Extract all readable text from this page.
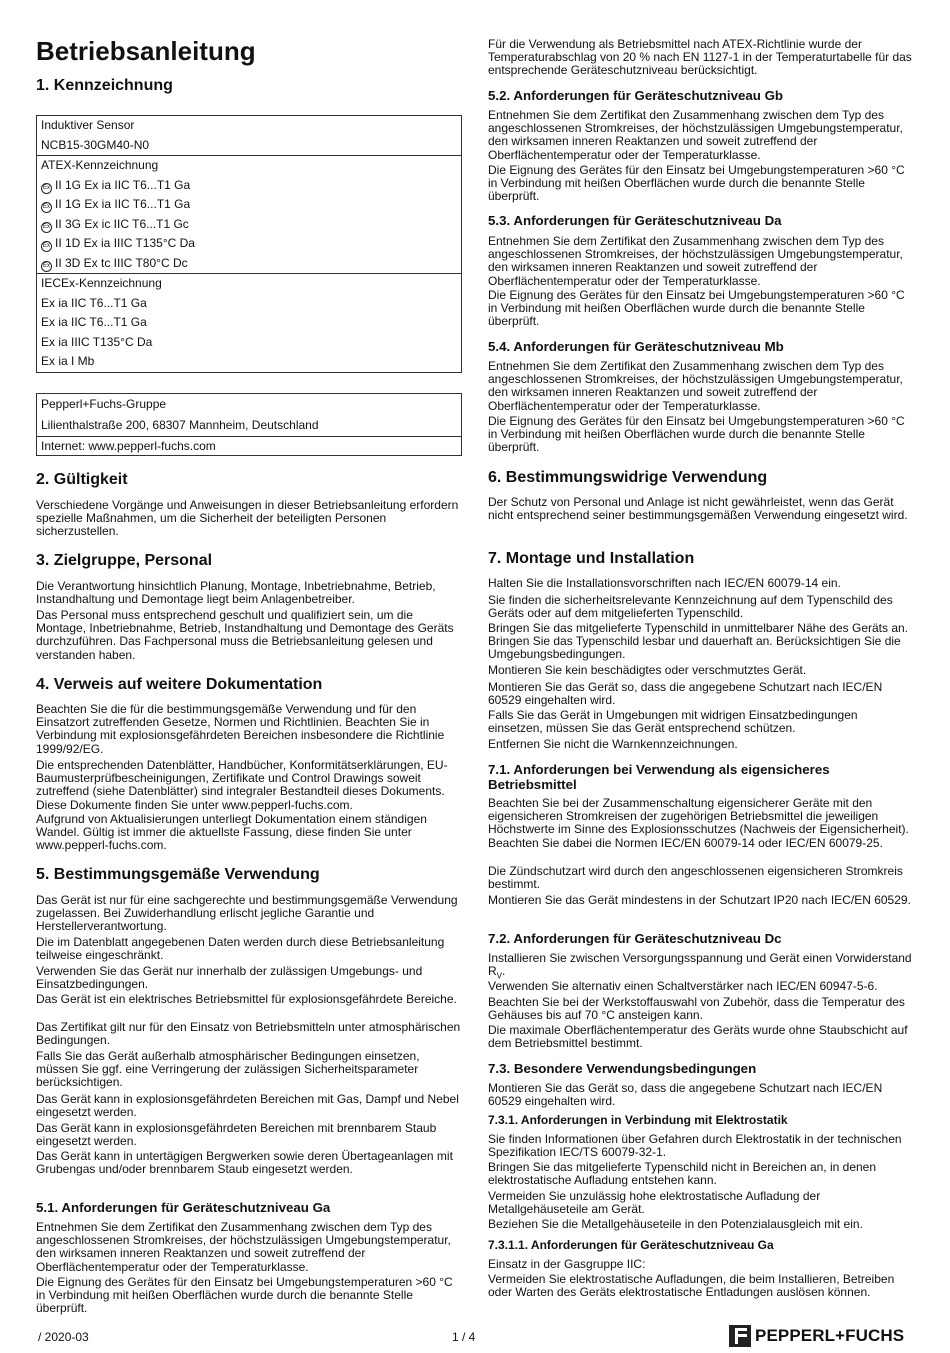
Betriebsanleitung
1. Kennzeichnung
Induktiver Sensor
NCB15-30GM40-N0
ATEX-Kennzeichnung
Ex II 1G Ex ia IIC T6...T1 Ga
Ex II 1G Ex ia IIC T6...T1 Ga
Ex II 3G Ex ic IIC T6...T1 Gc
Ex II 1D Ex ia IIIC T135°C Da
Ex II 3D Ex tc IIIC T80°C Dc
IECEx-Kennzeichnung
Ex ia IIC T6...T1 Ga
Ex ia IIC T6...T1 Ga
Ex ia IIIC T135°C Da
Ex ia I Mb
Pepperl+Fuchs-Gruppe
Lilienthalstraße 200, 68307 Mannheim, Deutschland
Internet: www.pepperl-fuchs.com
2. Gültigkeit

Verschiedene Vorgänge und Anweisungen in dieser Betriebsanleitung erfordern spezielle Maßnahmen, um die Sicherheit der beteiligten Personen sicherzustellen.

3. Zielgruppe, Personal

Die Verantwortung hinsichtlich Planung, Montage, Inbetriebnahme, Betrieb, Instandhaltung und Demontage liegt beim Anlagenbetreiber.

Das Personal muss entsprechend geschult und qualifiziert sein, um die Montage, Inbetriebnahme, Betrieb, Instandhaltung und Demontage des Geräts durchzuführen. Das Fachpersonal muss die Betriebsanleitung gelesen und verstanden haben.

4. Verweis auf weitere Dokumentation

Beachten Sie die für die bestimmungsgemäße Verwendung und für den Einsatzort zutreffenden Gesetze, Normen und Richtlinien. Beachten Sie in Verbindung mit explosionsgefährdeten Bereichen insbesondere die Richtlinie 1999/92/EG.

Die entsprechenden Datenblätter, Handbücher, Konformitätserklärungen, EU-Baumusterprüfbescheinigungen, Zertifikate und Control Drawings soweit zutreffend (siehe Datenblätter) sind integraler Bestandteil dieses Dokuments. Diese Dokumente finden Sie unter www.pepperl-fuchs.com.

Aufgrund von Aktualisierungen unterliegt Dokumentation einem ständigen Wandel. Gültig ist immer die aktuellste Fassung, diese finden Sie unter www.pepperl-fuchs.com.

5. Bestimmungsgemäße Verwendung

Das Gerät ist nur für eine sachgerechte und bestimmungsgemäße Verwendung zugelassen. Bei Zuwiderhandlung erlischt jegliche Garantie und Herstellerverantwortung.

Die im Datenblatt angegebenen Daten werden durch diese Betriebsanleitung teilweise eingeschränkt.

Verwenden Sie das Gerät nur innerhalb der zulässigen Umgebungs- und Einsatzbedingungen.

Das Gerät ist ein elektrisches Betriebsmittel für explosionsgefährdete Bereiche.

Das Zertifikat gilt nur für den Einsatz von Betriebsmitteln unter atmosphärischen Bedingungen.

Falls Sie das Gerät außerhalb atmosphärischer Bedingungen einsetzen, müssen Sie ggf. eine Verringerung der zulässigen Sicherheitsparameter berücksichtigen.

Das Gerät kann in explosionsgefährdeten Bereichen mit Gas, Dampf und Nebel eingesetzt werden.

Das Gerät kann in explosionsgefährdeten Bereichen mit brennbarem Staub eingesetzt werden.

Das Gerät kann in untertägigen Bergwerken sowie deren Übertageanlagen mit Grubengas und/oder brennbarem Staub eingesetzt werden.

5.1. Anforderungen für Geräteschutzniveau Ga

Entnehmen Sie dem Zertifikat den Zusammenhang zwischen dem Typ des angeschlossenen Stromkreises, der höchstzulässigen Umgebungstemperatur, den wirksamen inneren Reaktanzen und soweit zutreffend der Oberflächentemperatur oder der Temperaturklasse.

Die Eignung des Gerätes für den Einsatz bei Umgebungstemperaturen >60 °C in Verbindung mit heißen Oberflächen wurde durch die benannte Stelle überprüft.

Für die Verwendung als Betriebsmittel nach ATEX-Richtlinie wurde der Temperaturabschlag von 20 % nach EN 1127-1 in der Temperaturtabelle für das entsprechende Geräteschutzniveau berücksichtigt.

5.2. Anforderungen für Geräteschutzniveau Gb

Entnehmen Sie dem Zertifikat den Zusammenhang zwischen dem Typ des angeschlossenen Stromkreises, der höchstzulässigen Umgebungstemperatur, den wirksamen inneren Reaktanzen und soweit zutreffend der Oberflächentemperatur oder der Temperaturklasse.

Die Eignung des Gerätes für den Einsatz bei Umgebungstemperaturen >60 °C in Verbindung mit heißen Oberflächen wurde durch die benannte Stelle überprüft.

5.3. Anforderungen für Geräteschutzniveau Da

Entnehmen Sie dem Zertifikat den Zusammenhang zwischen dem Typ des angeschlossenen Stromkreises, der höchstzulässigen Umgebungstemperatur, den wirksamen inneren Reaktanzen und soweit zutreffend der Oberflächentemperatur oder der Temperaturklasse.

Die Eignung des Gerätes für den Einsatz bei Umgebungstemperaturen >60 °C in Verbindung mit heißen Oberflächen wurde durch die benannte Stelle überprüft.

5.4. Anforderungen für Geräteschutzniveau Mb

Entnehmen Sie dem Zertifikat den Zusammenhang zwischen dem Typ des angeschlossenen Stromkreises, der höchstzulässigen Umgebungstemperatur, den wirksamen inneren Reaktanzen und soweit zutreffend der Oberflächentemperatur oder der Temperaturklasse.

Die Eignung des Gerätes für den Einsatz bei Umgebungstemperaturen >60 °C in Verbindung mit heißen Oberflächen wurde durch die benannte Stelle überprüft.

6. Bestimmungswidrige Verwendung

Der Schutz von Personal und Anlage ist nicht gewährleistet, wenn das Gerät nicht entsprechend seiner bestimmungsgemäßen Verwendung eingesetzt wird.

7. Montage und Installation

Halten Sie die Installationsvorschriften nach IEC/EN 60079-14 ein.

Sie finden die sicherheitsrelevante Kennzeichnung auf dem Typenschild des Geräts oder auf dem mitgelieferten Typenschild.

Bringen Sie das mitgelieferte Typenschild in unmittelbarer Nähe des Geräts an. Bringen Sie das Typenschild lesbar und dauerhaft an. Berücksichtigen Sie die Umgebungsbedingungen.

Montieren Sie kein beschädigtes oder verschmutztes Gerät.

Montieren Sie das Gerät so, dass die angegebene Schutzart nach IEC/EN 60529 eingehalten wird.

Falls Sie das Gerät in Umgebungen mit widrigen Einsatzbedingungen einsetzen, müssen Sie das Gerät entsprechend schützen.

Entfernen Sie nicht die Warnkennzeichnungen.

7.1. Anforderungen bei Verwendung als eigensicheres Betriebsmittel

Beachten Sie bei der Zusammenschaltung eigensicherer Geräte mit den eigensicheren Stromkreisen der zugehörigen Betriebsmittel die jeweiligen Höchstwerte im Sinne des Explosionsschutzes (Nachweis der Eigensicherheit). Beachten Sie dabei die Normen IEC/EN 60079-14 oder IEC/EN 60079-25.

Die Zündschutzart wird durch den angeschlossenen eigensicheren Stromkreis bestimmt.

Montieren Sie das Gerät mindestens in der Schutzart IP20 nach IEC/EN 60529.

7.2. Anforderungen für Geräteschutzniveau Dc

Installieren Sie zwischen Versorgungsspannung und Gerät einen Vorwiderstand $R_V$.

Verwenden Sie alternativ einen Schaltverstärker nach IEC/EN 60947-5-6.

Beachten Sie bei der Werkstoffauswahl von Zubehör, dass die Temperatur des Gehäuses bis auf 70 °C ansteigen kann.

Die maximale Oberflächentemperatur des Geräts wurde ohne Staubschicht auf dem Betriebsmittel bestimmt.

7.3. Besondere Verwendungsbedingungen

Montieren Sie das Gerät so, dass die angegebene Schutzart nach IEC/EN 60529 eingehalten wird.

7.3.1. Anforderungen in Verbindung mit Elektrostatik

Sie finden Informationen über Gefahren durch Elektrostatik in der technischen Spezifikation IEC/TS 60079-32-1.

Bringen Sie das mitgelieferte Typenschild nicht in Bereichen an, in denen elektrostatische Aufladung entstehen kann.

Vermeiden Sie unzulässig hohe elektrostatische Aufladung der Metallgehäuseteile am Gerät.

Beziehen Sie die Metallgehäuseteile in den Potenzialausgleich mit ein.

7.3.1.1. Anforderungen für Geräteschutzniveau Ga

Einsatz in der Gasgruppe IIC:

Vermeiden Sie elektrostatische Aufladungen, die beim Installieren, Betreiben oder Warten des Geräts elektrostatische Entladungen auslösen können.

/ 2020-03	1 / 4	PEPPERL+FUCHS
